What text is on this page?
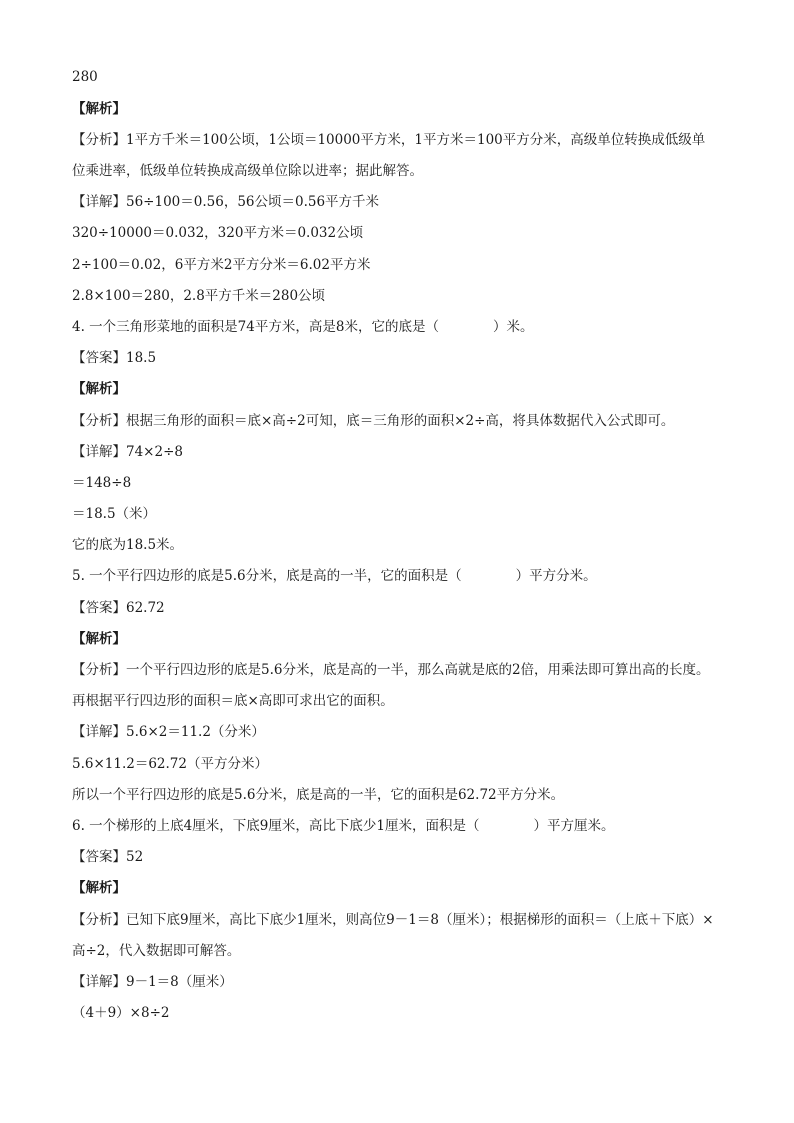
280
【解析】
【分析】1平方千米＝100公顷，1公顷＝10000平方米，1平方米＝100平方分米，高级单位转换成低级单
位乘进率，低级单位转换成高级单位除以进率；据此解答。
【详解】56÷100＝0.56，56公顷＝0.56平方千米
320÷10000＝0.032，320平方米＝0.032公顷
2÷100＝0.02，6平方米2平方分米＝6.02平方米
2.8×100＝280，2.8平方千米＝280公顷
4. 一个三角形菜地的面积是74平方米，高是8米，它的底是（　　　　）米。
【答案】18.5
【解析】
【分析】根据三角形的面积＝底×高÷2可知，底＝三角形的面积×2÷高，将具体数据代入公式即可。
【详解】74×2÷8
＝148÷8
＝18.5（米）
它的底为18.5米。
5. 一个平行四边形的底是5.6分米，底是高的一半，它的面积是（　　　　）平方分米。
【答案】62.72
【解析】
【分析】一个平行四边形的底是5.6分米，底是高的一半，那么高就是底的2倍，用乘法即可算出高的长度。
再根据平行四边形的面积＝底×高即可求出它的面积。
【详解】5.6×2＝11.2（分米）
5.6×11.2＝62.72（平方分米）
所以一个平行四边形的底是5.6分米，底是高的一半，它的面积是62.72平方分米。
6. 一个梯形的上底4厘米，下底9厘米，高比下底少1厘米，面积是（　　　　）平方厘米。
【答案】52
【解析】
【分析】已知下底9厘米，高比下底少1厘米，则高位9－1＝8（厘米）；根据梯形的面积＝（上底＋下底）×
高÷2，代入数据即可解答。
【详解】9－1＝8（厘米）
（4＋9）×8÷2
